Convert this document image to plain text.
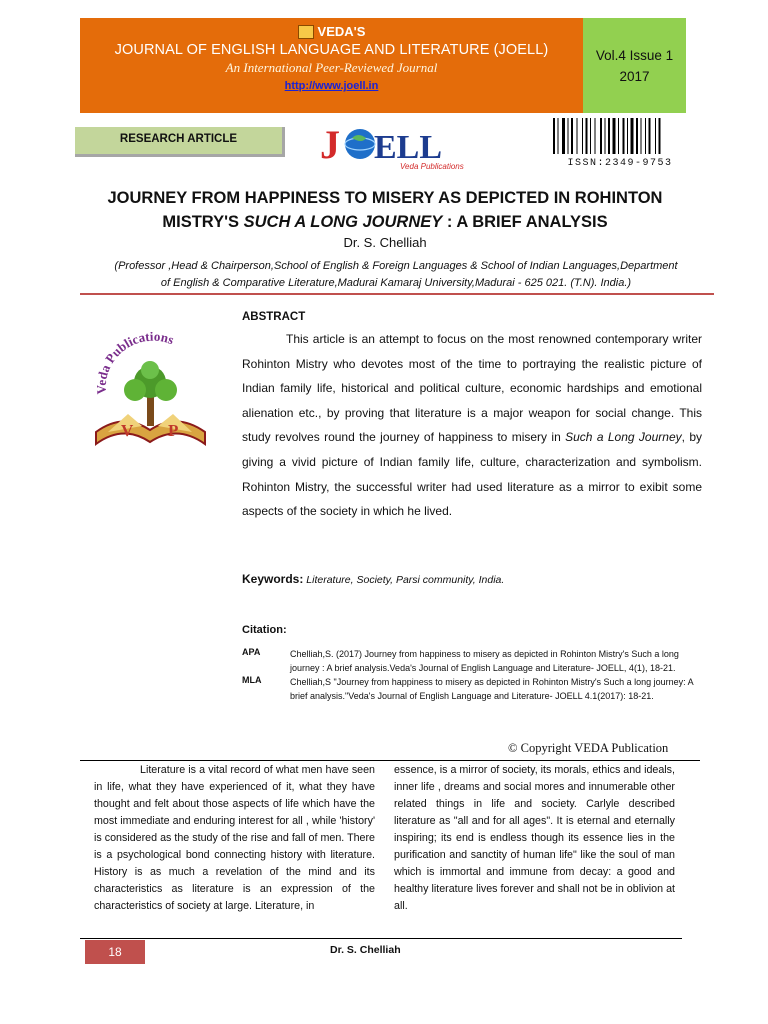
VEDA'S
JOURNAL OF ENGLISH LANGUAGE AND LITERATURE (JOELL)
An International Peer-Reviewed Journal
http://www.joell.in
Vol.4 Issue 1
2017
RESEARCH ARTICLE	J ELL
Veda Publications	ISSN:2349-9753
JOURNEY FROM HAPPINESS TO MISERY AS DEPICTED IN ROHINTON
MISTRY'S SUCH A LONG JOURNEY : A BRIEF ANALYSIS
Dr. S. Chelliah
(Professor ,Head & Chairperson,School of English & Foreign Languages & School of Indian Languages,Department
of English & Comparative Literature,Madurai Kamaraj University,Madurai - 625 021. (T.N). India.)
Veda Publications
V P
ABSTRACT
This article is an attempt to focus on the most renowned contemporary writer Rohinton Mistry who devotes most of the time to portraying the realistic picture of Indian family life, historical and political culture, economic hardships and emotional alienation etc., by proving that literature is a major weapon for social change. This study revolves round the journey of happiness to misery in Such a Long Journey, by giving a vivid picture of Indian family life, culture, characterization and symbolism. Rohinton Mistry, the successful writer had used literature as a mirror to exibit some aspects of the society in which he lived.
Keywords: Literature, Society, Parsi community, India.
Citation:
APA	Chelliah,S. (2017) Journey from happiness to misery as depicted in Rohinton Mistry's Such a long journey : A brief analysis.Veda's Journal of English Language and Literature- JOELL, 4(1), 18-21.
MLA	Chelliah,S "Journey from happiness to misery as depicted in Rohinton Mistry's Such a long journey: A brief analysis."Veda's Journal of English Language and Literature- JOELL 4.1(2017): 18-21.
© Copyright VEDA Publication

Literature is a vital record of what men have seen in life, what they have experienced of it, what they have thought and felt about those aspects of life which have the most immediate and enduring interest for all , while 'history' is considered as the study of the rise and fall of men. There is a psychological bond connecting history with literature. History is as much a revelation of the mind and its characteristics as literature is an expression of the characteristics of society at large. Literature, in

essence, is a mirror of society, its morals, ethics and ideals, inner life , dreams and social mores and innumerable other related things in life and society. Carlyle described literature as "all and for all ages". It is eternal and eternally inspiring; its end is endless though its essence lies in the purification and sanctity of human life" like the soul of man which is immortal and immune from decay: a good and healthy literature lives forever and shall not be in oblivion at all.

18	Dr. S. Chelliah
